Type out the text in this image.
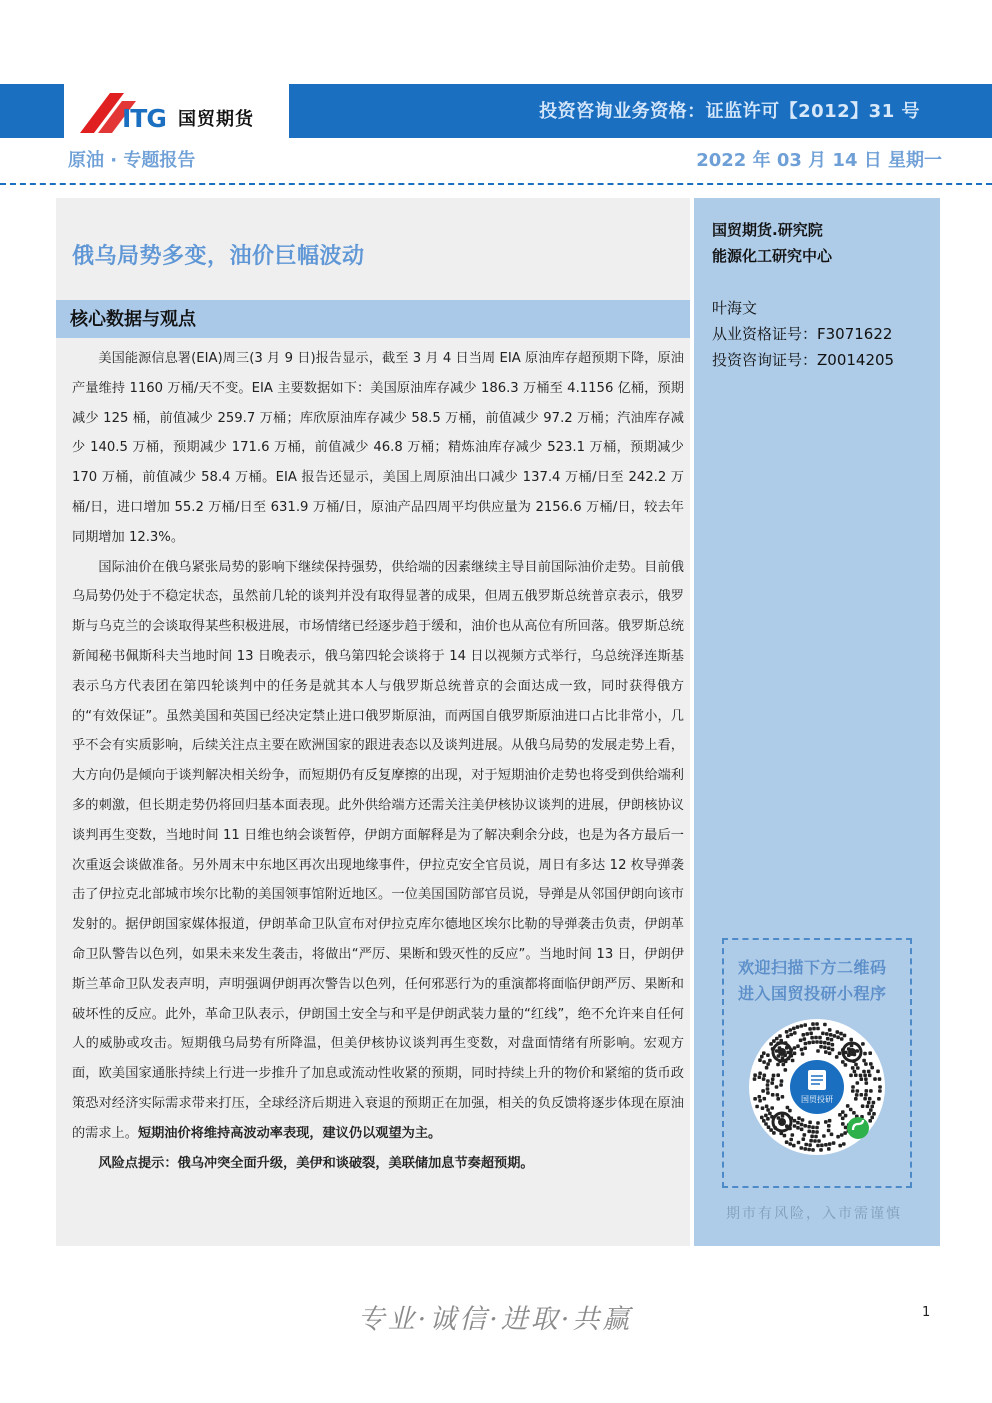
ITG 国贸期货	投资咨询业务资格：证监许可【2012】31 号
原油 · 专题报告	2022 年 03 月 14 日 星期一
俄乌局势多变，油价巨幅波动
核心数据与观点

美国能源信息署(EIA)周三(3 月 9 日)报告显示，截至 3 月 4 日当周 EIA 原油库存超预期下降，原油产量维持 1160 万桶/天不变。EIA 主要数据如下：美国原油库存减少 186.3 万桶至 4.1156 亿桶，预期减少 125 桶，前值减少 259.7 万桶；库欣原油库存减少 58.5 万桶，前值减少 97.2 万桶；汽油库存减少 140.5 万桶，预期减少 171.6 万桶，前值减少 46.8 万桶；精炼油库存减少 523.1 万桶，预期减少 170 万桶，前值减少 58.4 万桶。EIA 报告还显示，美国上周原油出口减少 137.4 万桶/日至 242.2 万桶/日，进口增加 55.2 万桶/日至 631.9 万桶/日，原油产品四周平均供应量为 2156.6 万桶/日，较去年同期增加 12.3%。

国际油价在俄乌紧张局势的影响下继续保持强势，供给端的因素继续主导目前国际油价走势。目前俄乌局势仍处于不稳定状态，虽然前几轮的谈判并没有取得显著的成果，但周五俄罗斯总统普京表示，俄罗斯与乌克兰的会谈取得某些积极进展，市场情绪已经逐步趋于缓和，油价也从高位有所回落。俄罗斯总统新闻秘书佩斯科夫当地时间 13 日晚表示，俄乌第四轮会谈将于 14 日以视频方式举行，乌总统泽连斯基表示乌方代表团在第四轮谈判中的任务是就其本人与俄罗斯总统普京的会面达成一致，同时获得俄方的“有效保证”。虽然美国和英国已经决定禁止进口俄罗斯原油，而两国自俄罗斯原油进口占比非常小，几乎不会有实质影响，后续关注点主要在欧洲国家的跟进表态以及谈判进展。从俄乌局势的发展走势上看，大方向仍是倾向于谈判解决相关纷争，而短期仍有反复摩擦的出现，对于短期油价走势也将受到供给端利多的刺激，但长期走势仍将回归基本面表现。此外供给端方还需关注美伊核协议谈判的进展，伊朗核协议谈判再生变数，当地时间 11 日维也纳会谈暂停，伊朗方面解释是为了解决剩余分歧，也是为各方最后一次重返会谈做准备。另外周末中东地区再次出现地缘事件，伊拉克安全官员说，周日有多达 12 枚导弹袭击了伊拉克北部城市埃尔比勒的美国领事馆附近地区。一位美国国防部官员说，导弹是从邻国伊朗向该市发射的。据伊朗国家媒体报道，伊朗革命卫队宣布对伊拉克库尔德地区埃尔比勒的导弹袭击负责，伊朗革命卫队警告以色列，如果未来发生袭击，将做出“严厉、果断和毁灭性的反应”。当地时间 13 日，伊朗伊斯兰革命卫队发表声明，声明强调伊朗再次警告以色列，任何邪恶行为的重演都将面临伊朗严厉、果断和破坏性的反应。此外，革命卫队表示，伊朗国土安全与和平是伊朗武装力量的“红线”，绝不允许来自任何人的威胁或攻击。短期俄乌局势有所降温，但美伊核协议谈判再生变数，对盘面情绪有所影响。宏观方面，欧美国家通胀持续上行进一步推升了加息或流动性收紧的预期，同时持续上升的物价和紧缩的货币政策恐对经济实际需求带来打压，全球经济后期进入衰退的预期正在加强，相关的负反馈将逐步体现在原油的需求上。短期油价将维持高波动率表现，建议仍以观望为主。

风险点提示：俄乌冲突全面升级，美伊和谈破裂，美联储加息节奏超预期。

国贸期货.研究院
能源化工研究中心
叶海文
从业资格证号：F3071622
投资咨询证号：Z0014205
欢迎扫描下方二维码
进入国贸投研小程序
国贸投研
期市有风险，入市需谨慎
专业·诚信·进取·共赢	1
